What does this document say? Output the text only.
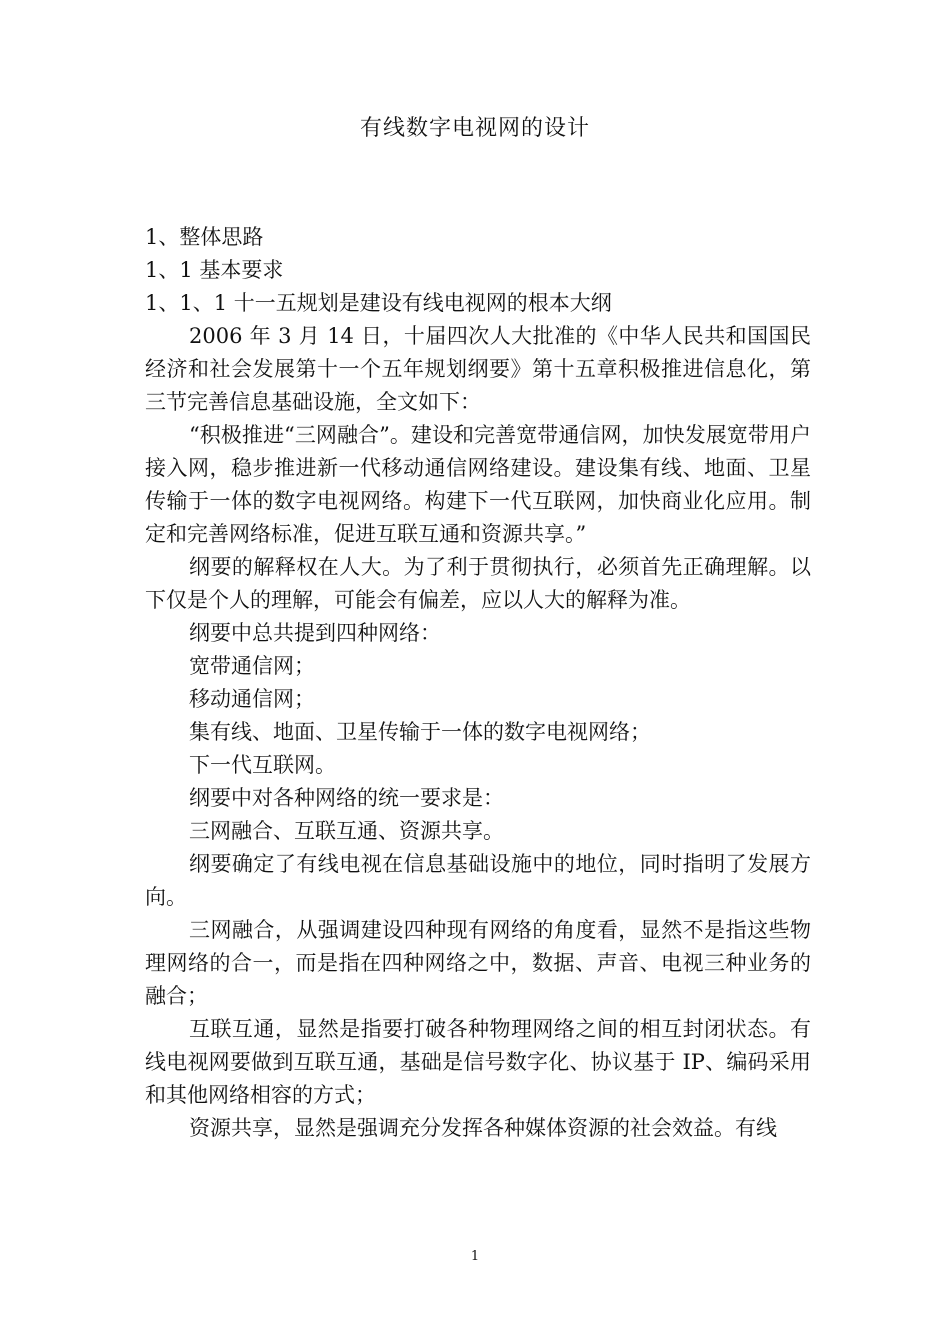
有线数字电视网的设计

1、整体思路

1、1 基本要求

1、1、1 十一五规划是建设有线电视网的根本大纲

2006 年 3 月 14 日，十届四次人大批准的《中华人民共和国国民经济和社会发展第十一个五年规划纲要》第十五章积极推进信息化，第三节完善信息基础设施，全文如下：

“积极推进“三网融合”。建设和完善宽带通信网，加快发展宽带用户接入网，稳步推进新一代移动通信网络建设。建设集有线、地面、卫星传输于一体的数字电视网络。构建下一代互联网，加快商业化应用。制定和完善网络标准，促进互联互通和资源共享。”

纲要的解释权在人大。为了利于贯彻执行，必须首先正确理解。以下仅是个人的理解，可能会有偏差，应以人大的解释为准。

纲要中总共提到四种网络：

宽带通信网；

移动通信网；

集有线、地面、卫星传输于一体的数字电视网络；

下一代互联网。

纲要中对各种网络的统一要求是：

三网融合、互联互通、资源共享。

纲要确定了有线电视在信息基础设施中的地位，同时指明了发展方向。

三网融合，从强调建设四种现有网络的角度看，显然不是指这些物理网络的合一，而是指在四种网络之中，数据、声音、电视三种业务的融合；

互联互通，显然是指要打破各种物理网络之间的相互封闭状态。有线电视网要做到互联互通，基础是信号数字化、协议基于 IP、编码采用和其他网络相容的方式；

资源共享，显然是强调充分发挥各种媒体资源的社会效益。有线

1
